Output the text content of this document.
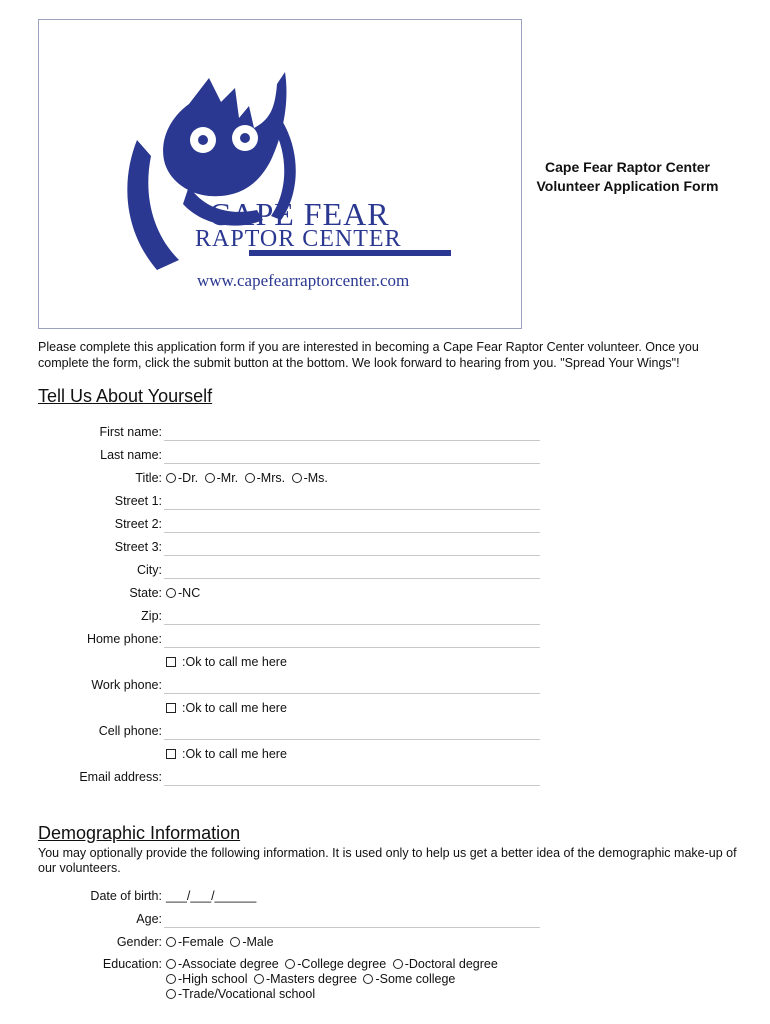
CAPE FEAR
RAPTOR CENTER
www.capefearraptorcenter.com
Cape Fear Raptor Center
Volunteer Application Form
Please complete this application form if you are interested in becoming a Cape Fear Raptor Center volunteer. Once you complete the form, click the submit button at the bottom. We look forward to hearing from you. "Spread Your Wings"!
Tell Us About Yourself
First name:
Last name:
Title:	-Dr. -Mr. -Mrs. -Ms.
Street 1:
Street 2:
Street 3:
City:
State:	-NC
Zip:
Home phone:
:Ok to call me here
Work phone:
:Ok to call me here
Cell phone:
:Ok to call me here
Email address:
Demographic Information
You may optionally provide the following information. It is used only to help us get a better idea of the demographic make-up of our volunteers.
Date of birth: ___/___/______
Age:
Gender:	-Female -Male
Education:	-Associate degree -College degree -Doctoral degree
-High school -Masters degree -Some college
-Trade/Vocational school
